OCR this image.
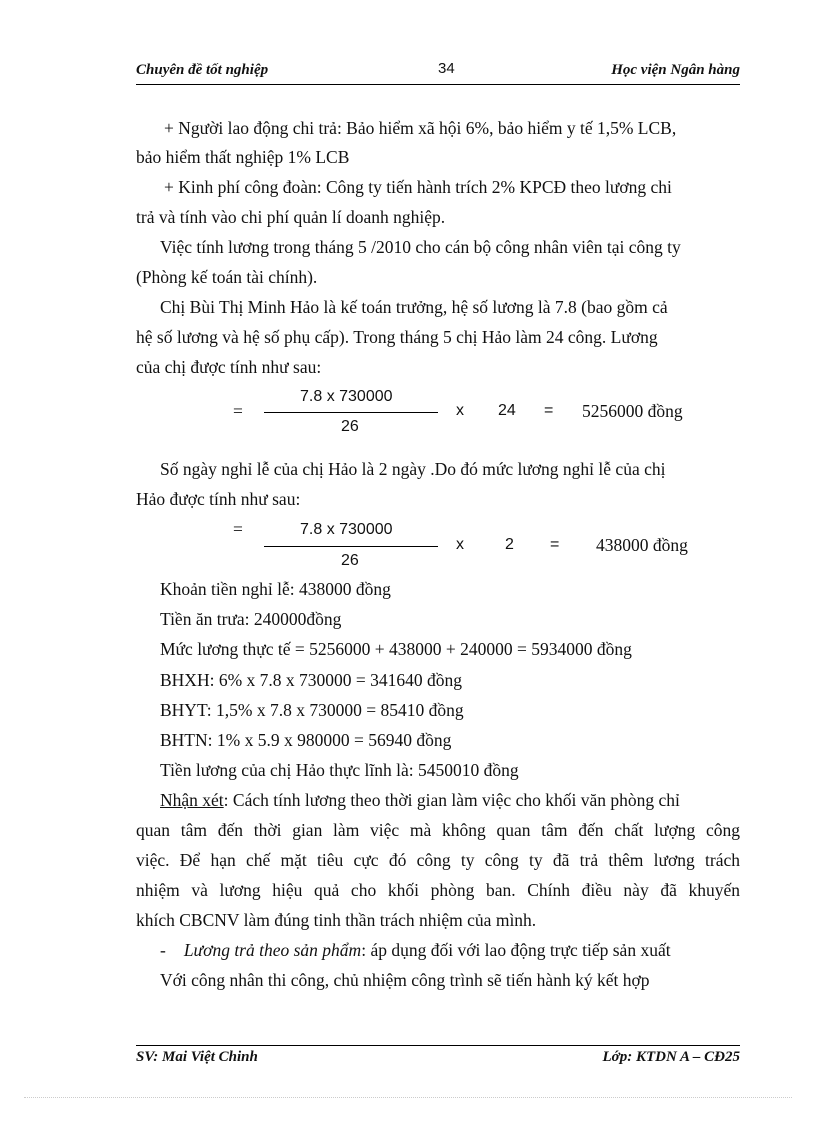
Chuyên đề tốt nghiệp	34	Học viện Ngân hàng
+ Người lao động chi trả: Bảo hiểm xã hội 6%, bảo hiểm y tế 1,5% LCB,
bảo hiểm thất nghiệp 1% LCB
+ Kinh phí công đoàn: Công ty tiến hành trích 2% KPCĐ theo lương chi
trả và tính vào chi phí quản lí doanh nghiệp.
Việc tính lương trong tháng 5 /2010 cho cán bộ công nhân viên tại công ty
(Phòng kế toán tài chính).
Chị Bùi Thị Minh Hảo là kế toán trưởng, hệ số lương là 7.8 (bao gồm cả
hệ số lương và hệ số phụ cấp). Trong tháng 5 chị Hảo làm 24 công. Lương
của chị được tính như sau:
=
7.8 x 730000
26
x 24 = 5256000 đồng
Số ngày nghỉ lễ của chị Hảo là 2 ngày .Do đó mức lương nghỉ lễ của chị
Hảo được tính như sau:
=	7.8 x 730000
26
x	2 = 438000 đồng
Khoản tiền nghỉ lễ: 438000 đồng
Tiền ăn trưa: 240000đồng
Mức lương thực tế = 5256000 + 438000 + 240000 = 5934000 đồng
BHXH: 6% x 7.8 x 730000 = 341640 đồng
BHYT: 1,5% x 7.8 x 730000 = 85410 đồng
BHTN: 1% x 5.9 x 980000 = 56940 đồng
Tiền lương của chị Hảo thực lĩnh là: 5450010 đồng
Nhận xét: Cách tính lương theo thời gian làm việc cho khối văn phòng chỉ
quan tâm đến thời gian làm việc mà không quan tâm đến chất lượng công
việc. Để hạn chế mặt tiêu cực đó công ty công ty đã trả thêm lương trách
nhiệm và lương hiệu quả cho khối phòng ban. Chính điều này đã khuyến
khích CBCNV làm đúng tinh thần trách nhiệm của mình.
- Lương trả theo sản phẩm: áp dụng đối với lao động trực tiếp sản xuất
Với công nhân thi công, chủ nhiệm công trình sẽ tiến hành ký kết hợp
SV: Mai Việt Chinh	Lớp: KTDN A – CĐ25
